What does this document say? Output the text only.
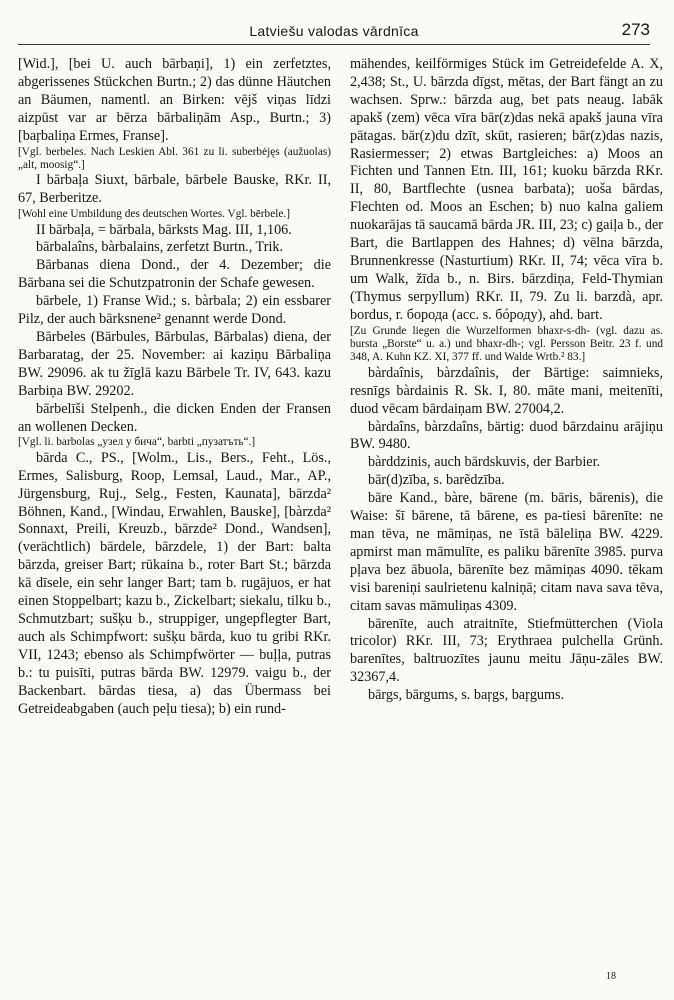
Latviešu valodas vārdnīca	273

[Wid.], [bei U. auch bārbaņi], 1) ein zerfetztes, abgerissenes Stückchen Burtn.; 2) das dünne Häutchen an Bäumen, namentl. an Birken: vējš viņas līdzi aizpūst var ar bērza bārbaliņām Asp., Burtn.; 3) [baŗbaliņa Ermes, Franse].

[Vgl. berbeles. Nach Leskien Abl. 361 zu li. suberbėjęs (aužuolas) „alt, moosig“.]

I bārbaļa Siuxt, bārbale, bārbele Bauske, RKr. II, 67, Berberitze.

[Wohl eine Umbildung des deutschen Wortes. Vgl. bērbele.]

II bārbaļa, = bārbala, bārksts Mag. III, 1,106.

bārbalaîns, bàrbalains, zerfetzt Burtn., Trik.

Bārbanas diena Dond., der 4. Dezember; die Bārbana sei die Schutzpatronin der Schafe gewesen.

bārbele, 1) Franse Wid.; s. bàrbala; 2) ein essbarer Pilz, der auch bārksnene² genannt werde Dond.

Bārbeles (Bārbules, Bārbulas, Bārbalas) diena, der Barbaratag, der 25. November: ai kaziņu Bārbaliņa BW. 29096. ak tu žīglā kazu Bārbele Tr. IV, 643. kazu Barbiņa BW. 29202.

bārbelīši Stelpenh., die dicken Enden der Fransen an wollenen Decken.

[Vgl. li. barbolas „узел у бича“, barbti „пузатъть“.]

bārda C., PS., [Wolm., Lis., Bers., Feht., Lös., Ermes, Salisburg, Roop, Lemsal, Laud., Mar., AP., Jürgensburg, Ruj., Selg., Festen, Kaunata], bārzda² Böhnen, Kand., [Windau, Erwahlen, Bauske], [bàrzda² Sonnaxt, Preili, Kreuzb., bārzde² Dond., Wandsen], (verächtlich) bārdele, bārzdele, 1) der Bart: balta bārzda, greiser Bart; rūkaina b., roter Bart St.; bārzda kā dīsele, ein sehr langer Bart; tam b. rugājuos, er hat einen Stoppelbart; kazu b., Zickelbart; siekalu, tilku b., Schmutzbart; sušķu b., struppiger, ungepflegter Bart, auch als Schimpfwort: sušķu bārda, kuo tu gribi RKr. VII, 1243; ebenso als Schimpfwörter — buļļa, putras b.: tu puisīti, putras bārda BW. 12979. vaigu b., der Backenbart. bārdas tiesa, a) das Übermass bei Getreideabgaben (auch peļu tiesa); b) ein rund-

mähendes, keilförmiges Stück im Getreidefelde A. X, 2,438; St., U. bārzda dīgst, mētas, der Bart fängt an zu wachsen. Sprw.: bārzda aug, bet pats neaug. labāk apakš (zem) vēca vīra bār(z)das nekā apakš jauna vīra pātagas. bār(z)du dzīt, skūt, rasieren; bār(z)das nazis, Rasiermesser; 2) etwas Bartgleiches: a) Moos an Fichten und Tannen Etn. III, 161; kuoku bārzda RKr. II, 80, Bartflechte (usnea barbata); uoša bārdas, Flechten od. Moos an Eschen; b) nuo kalna galiem nuokarājas tā saucamā bārda JR. III, 23; c) gaiļa b., der Bart, die Bartlappen des Hahnes; d) vēlna bārzda, Brunnenkresse (Nasturtium) RKr. II, 74; vēca vīra b. um Walk, žīda b., n. Birs. bārzdiņa, Feld-Thymian (Thymus serpyllum) RKr. II, 79. Zu li. barzdà, apr. bordus, r. борода (acc. s. бóроду), ahd. bart.

[Zu Grunde liegen die Wurzelformen bhaxr-s-dh- (vgl. dazu as. bursta „Borste“ u. a.) und bhaxr-dh-; vgl. Persson Beitr. 23 f. und 348, A. Kuhn KZ. XI, 377 ff. und Walde Wrtb.² 83.]

bàrdaînis, bàrzdaînis, der Bärtige: saimnieks, resnīgs bàrdainis R. Sk. I, 80. māte mani, meitenīti, duod vēcam bārdaiņam BW. 27004,2.

bàrdaîns, bàrzdaîns, bärtig: duod bārzdainu arājiņu BW. 9480.

bàrddzinis, auch bārdskuvis, der Barbier.

bār(d)zība, s. barẽdzība.

bāre Kand., bàre, bārene (m. bāris, bārenis), die Waise: šī bārene, tā bārene, es pa-tiesi bārenīte: ne man tēva, ne māmiņas, ne īstā bāleliņa BW. 4229. apmirst man māmulīte, es paliku bārenīte 3985. purva pļava bez ābuola, bārenīte bez māmiņas 4090. tēkam visi bareniņi saulrietenu kalniņā; citam nava sava tēva, citam savas māmuliņas 4309.

bārenīte, auch atraitnīte, Stiefmütterchen (Viola tricolor) RKr. III, 73; Erythraea pulchella Grünh. barenītes, baltruozītes jaunu meitu Jāņu-zāles BW. 32367,4.

bārgs, bārgums, s. baŗgs, baŗgums.

18
